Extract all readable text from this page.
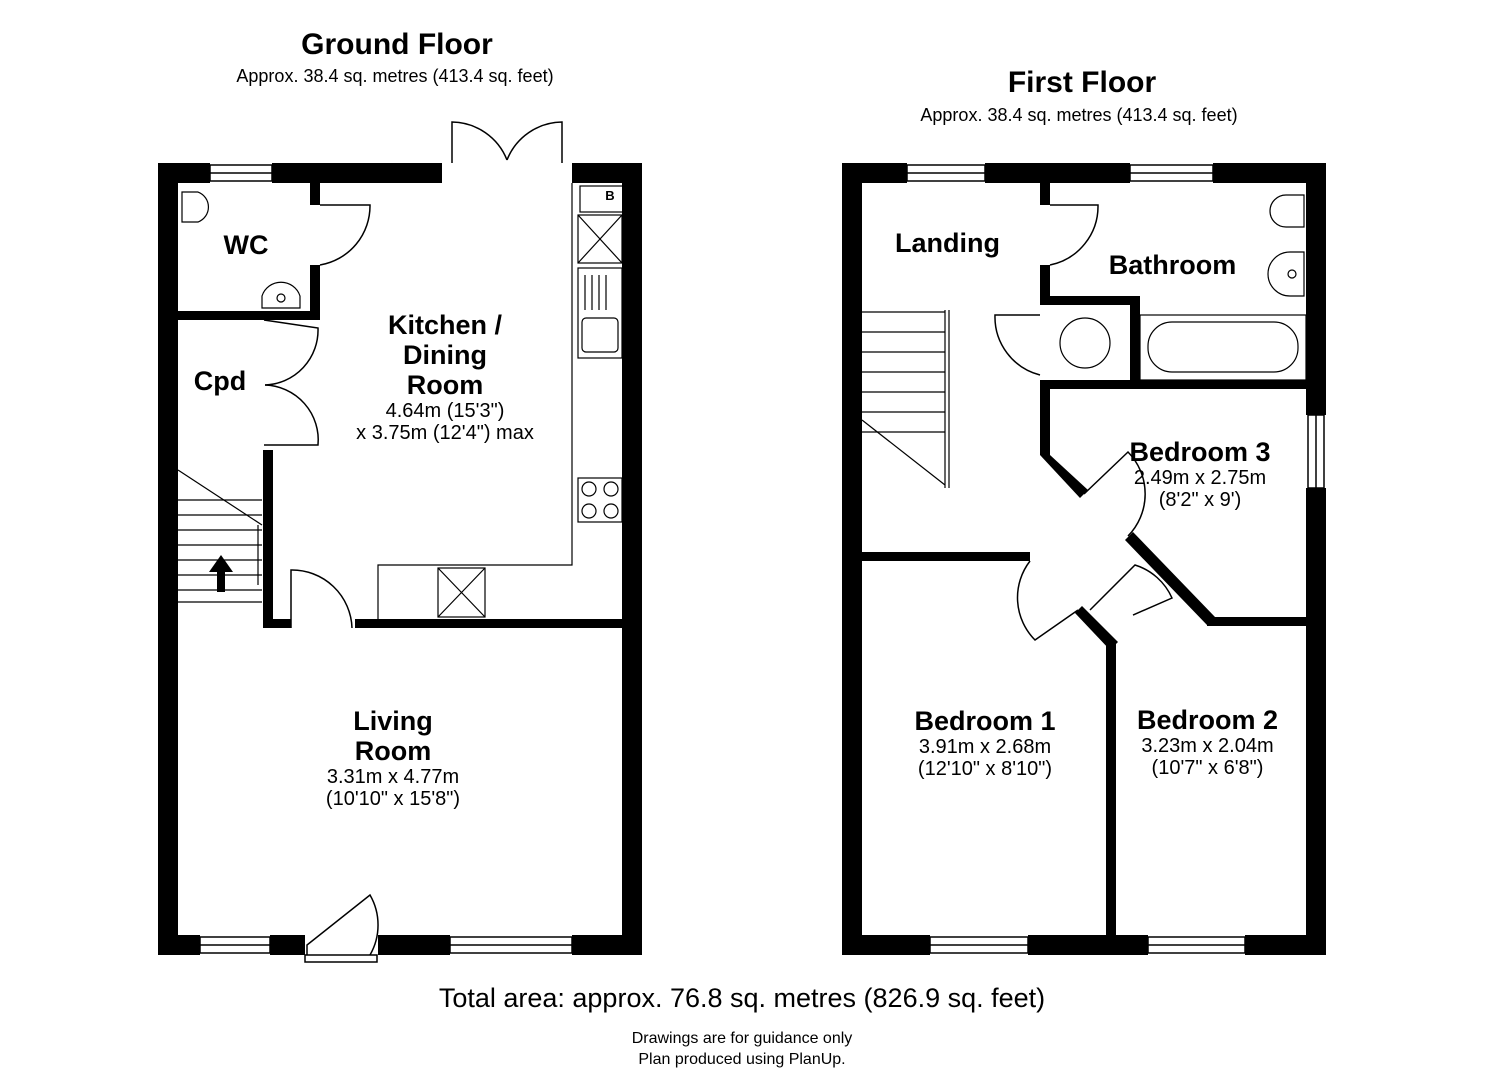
Ground Floor
Approx. 38.4 sq. metres (413.4 sq. feet)	First Floor
Approx. 38.4 sq. metres (413.4 sq. feet)
B
WC
Cpd
Kitchen /
Dining
Room
4.64m (15'3")
x 3.75m (12'4") max
Living
Room
3.31m x 4.77m
(10'10" x 15'8")
Landing
Bathroom
Bedroom 3
2.49m x 2.75m
(8'2" x 9')
Bedroom 1
3.91m x 2.68m
(12'10" x 8'10")
Bedroom 2
3.23m x 2.04m
(10'7" x 6'8")
Total area: approx. 76.8 sq. metres (826.9 sq. feet)
Drawings are for guidance only
Plan produced using PlanUp.
